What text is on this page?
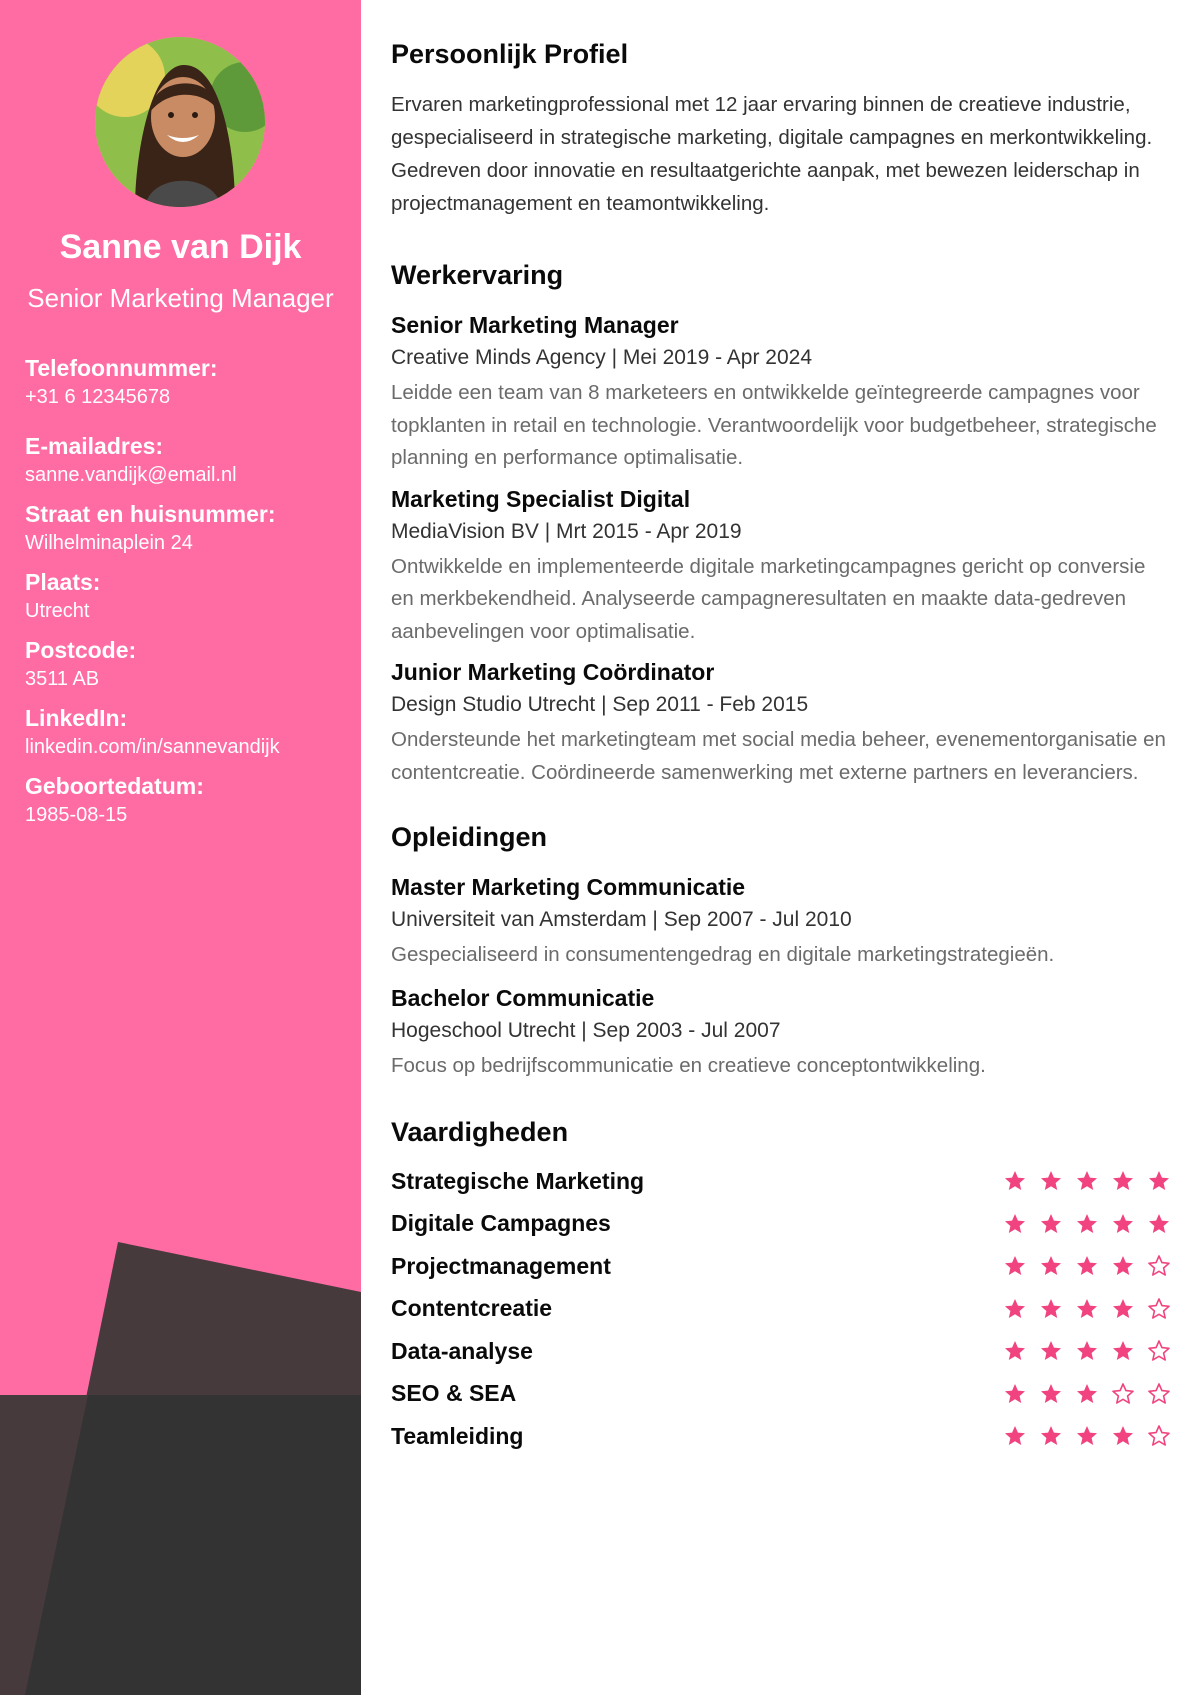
Sanne van Dijk
Senior Marketing Manager
Telefoonnummer:
+31 6 12345678
E-mailadres:
sanne.vandijk@email.nl
Straat en huisnummer:
Wilhelminaplein 24
Plaats:
Utrecht
Postcode:
3511 AB
LinkedIn:
linkedin.com/in/sannevandijk
Geboortedatum:
1985-08-15
Persoonlijk Profiel

Ervaren marketingprofessional met 12 jaar ervaring binnen de creatieve industrie, gespecialiseerd in strategische marketing, digitale campagnes en merkontwikkeling. Gedreven door innovatie en resultaatgerichte aanpak, met bewezen leiderschap in projectmanagement en teamontwikkeling.

Werkervaring
Senior Marketing Manager
Creative Minds Agency | Mei 2019 - Apr 2024
Leidde een team van 8 marketeers en ontwikkelde geïntegreerde campagnes voor topklanten in retail en technologie. Verantwoordelijk voor budgetbeheer, strategische planning en performance optimalisatie.
Marketing Specialist Digital
MediaVision BV | Mrt 2015 - Apr 2019
Ontwikkelde en implementeerde digitale marketingcampagnes gericht op conversie en merkbekendheid. Analyseerde campagneresultaten en maakte data-gedreven aanbevelingen voor optimalisatie.
Junior Marketing Coördinator
Design Studio Utrecht | Sep 2011 - Feb 2015
Ondersteunde het marketingteam met social media beheer, evenementorganisatie en contentcreatie. Coördineerde samenwerking met externe partners en leveranciers.
Opleidingen
Master Marketing Communicatie
Universiteit van Amsterdam | Sep 2007 - Jul 2010
Gespecialiseerd in consumentengedrag en digitale marketingstrategieën.
Bachelor Communicatie
Hogeschool Utrecht | Sep 2003 - Jul 2007
Focus op bedrijfscommunicatie en creatieve conceptontwikkeling.
Vaardigheden
Strategische Marketing
Digitale Campagnes
Projectmanagement
Contentcreatie
Data-analyse
SEO & SEA
Teamleiding
